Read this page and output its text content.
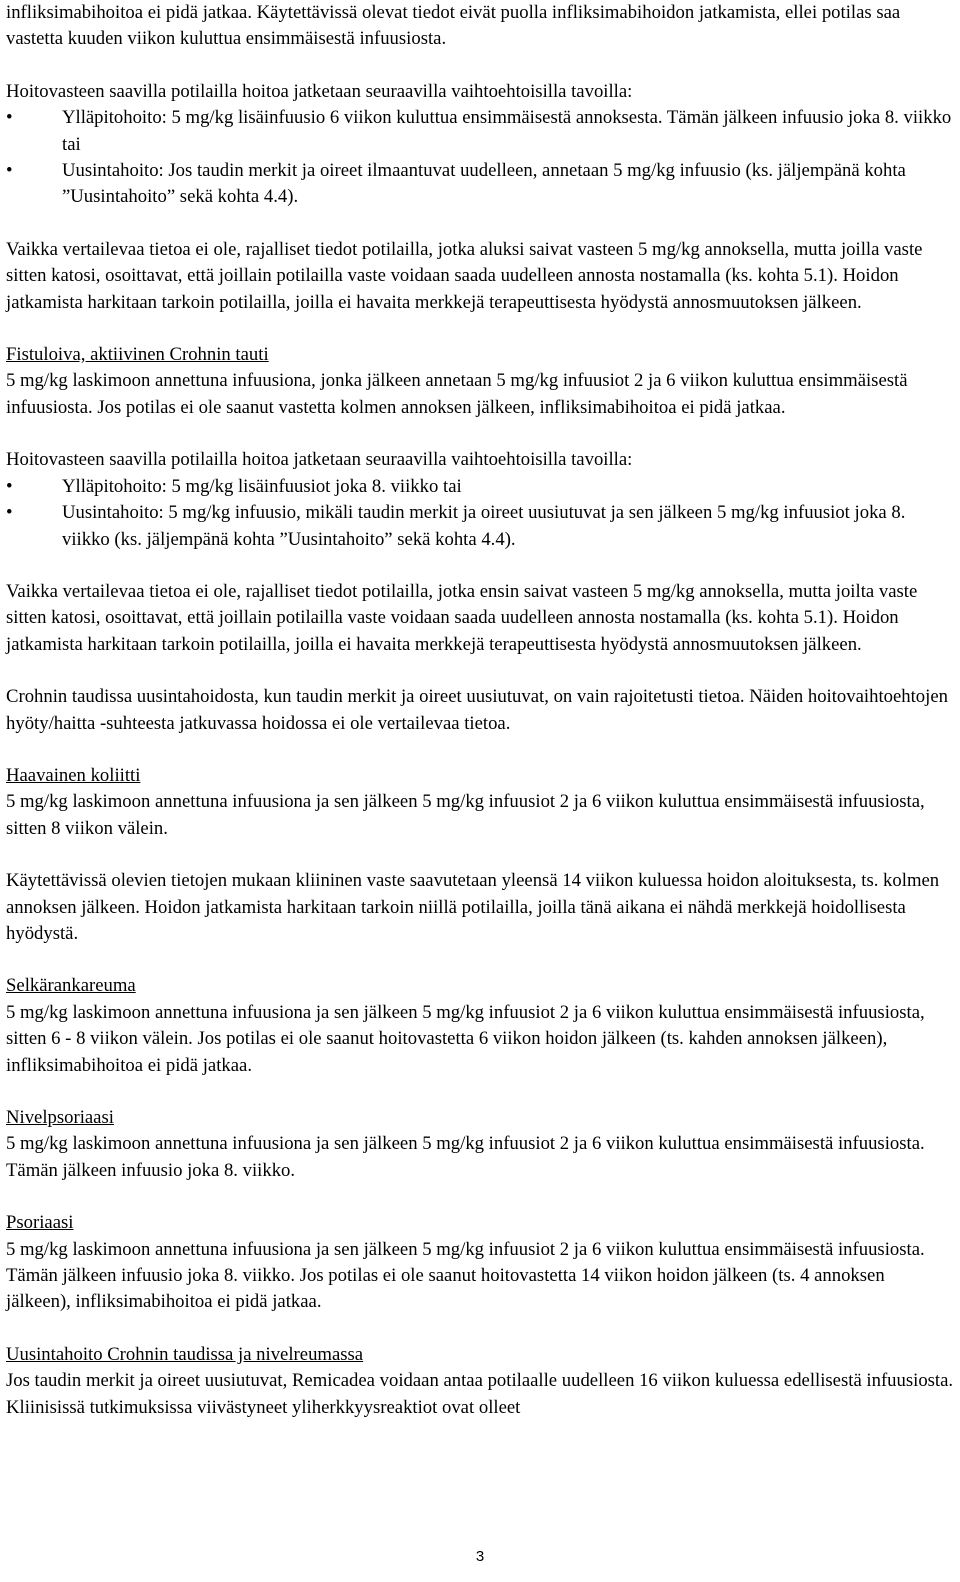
infliksimabihoitoa ei pidä jatkaa. Käytettävissä olevat tiedot eivät puolla infliksimabihoidon jatkamista, ellei potilas saa vastetta kuuden viikon kuluttua ensimmäisestä infuusiosta.

Hoitovasteen saavilla potilailla hoitoa jatketaan seuraavilla vaihtoehtoisilla tavoilla:

• Ylläpitohoito: 5 mg/kg lisäinfuusio 6 viikon kuluttua ensimmäisestä annoksesta. Tämän jälkeen infuusio joka 8. viikko tai
• Uusintahoito: Jos taudin merkit ja oireet ilmaantuvat uudelleen, annetaan 5 mg/kg infuusio (ks. jäljempänä kohta ”Uusintahoito” sekä kohta 4.4).

Vaikka vertailevaa tietoa ei ole, rajalliset tiedot potilailla, jotka aluksi saivat vasteen 5 mg/kg annoksella, mutta joilla vaste sitten katosi, osoittavat, että joillain potilailla vaste voidaan saada uudelleen annosta nostamalla (ks. kohta 5.1). Hoidon jatkamista harkitaan tarkoin potilailla, joilla ei havaita merkkejä terapeuttisesta hyödystä annosmuutoksen jälkeen.

Fistuloiva, aktiivinen Crohnin tauti

5 mg/kg laskimoon annettuna infuusiona, jonka jälkeen annetaan 5 mg/kg infuusiot 2 ja 6 viikon kuluttua ensimmäisestä infuusiosta. Jos potilas ei ole saanut vastetta kolmen annoksen jälkeen, infliksimabihoitoa ei pidä jatkaa.

Hoitovasteen saavilla potilailla hoitoa jatketaan seuraavilla vaihtoehtoisilla tavoilla:

• Ylläpitohoito: 5 mg/kg lisäinfuusiot joka 8. viikko tai
• Uusintahoito: 5 mg/kg infuusio, mikäli taudin merkit ja oireet uusiutuvat ja sen jälkeen 5 mg/kg infuusiot joka 8. viikko (ks. jäljempänä kohta ”Uusintahoito” sekä kohta 4.4).

Vaikka vertailevaa tietoa ei ole, rajalliset tiedot potilailla, jotka ensin saivat vasteen 5 mg/kg annoksella, mutta joilta vaste sitten katosi, osoittavat, että joillain potilailla vaste voidaan saada uudelleen annosta nostamalla (ks. kohta 5.1). Hoidon jatkamista harkitaan tarkoin potilailla, joilla ei havaita merkkejä terapeuttisesta hyödystä annosmuutoksen jälkeen.

Crohnin taudissa uusintahoidosta, kun taudin merkit ja oireet uusiutuvat, on vain rajoitetusti tietoa. Näiden hoitovaihtoehtojen hyöty/haitta -suhteesta jatkuvassa hoidossa ei ole vertailevaa tietoa.

Haavainen koliitti

5 mg/kg laskimoon annettuna infuusiona ja sen jälkeen 5 mg/kg infuusiot 2 ja 6 viikon kuluttua ensimmäisestä infuusiosta, sitten 8 viikon välein.

Käytettävissä olevien tietojen mukaan kliininen vaste saavutetaan yleensä 14 viikon kuluessa hoidon aloituksesta, ts. kolmen annoksen jälkeen. Hoidon jatkamista harkitaan tarkoin niillä potilailla, joilla tänä aikana ei nähdä merkkejä hoidollisesta hyödystä.

Selkärankareuma

5 mg/kg laskimoon annettuna infuusiona ja sen jälkeen 5 mg/kg infuusiot 2 ja 6 viikon kuluttua ensimmäisestä infuusiosta, sitten 6 - 8 viikon välein. Jos potilas ei ole saanut hoitovastetta 6 viikon hoidon jälkeen (ts. kahden annoksen jälkeen), infliksimabihoitoa ei pidä jatkaa.

Nivelpsoriaasi

5 mg/kg laskimoon annettuna infuusiona ja sen jälkeen 5 mg/kg infuusiot 2 ja 6 viikon kuluttua ensimmäisestä infuusiosta. Tämän jälkeen infuusio joka 8. viikko.

Psoriaasi

5 mg/kg laskimoon annettuna infuusiona ja sen jälkeen 5 mg/kg infuusiot 2 ja 6 viikon kuluttua ensimmäisestä infuusiosta. Tämän jälkeen infuusio joka 8. viikko. Jos potilas ei ole saanut hoitovastetta 14 viikon hoidon jälkeen (ts. 4 annoksen jälkeen), infliksimabihoitoa ei pidä jatkaa.

Uusintahoito Crohnin taudissa ja nivelreumassa

Jos taudin merkit ja oireet uusiutuvat, Remicadea voidaan antaa potilaalle uudelleen 16 viikon kuluessa edellisestä infuusiosta. Kliinisissä tutkimuksissa viivästyneet yliherkkyysreaktiot ovat olleet

3
